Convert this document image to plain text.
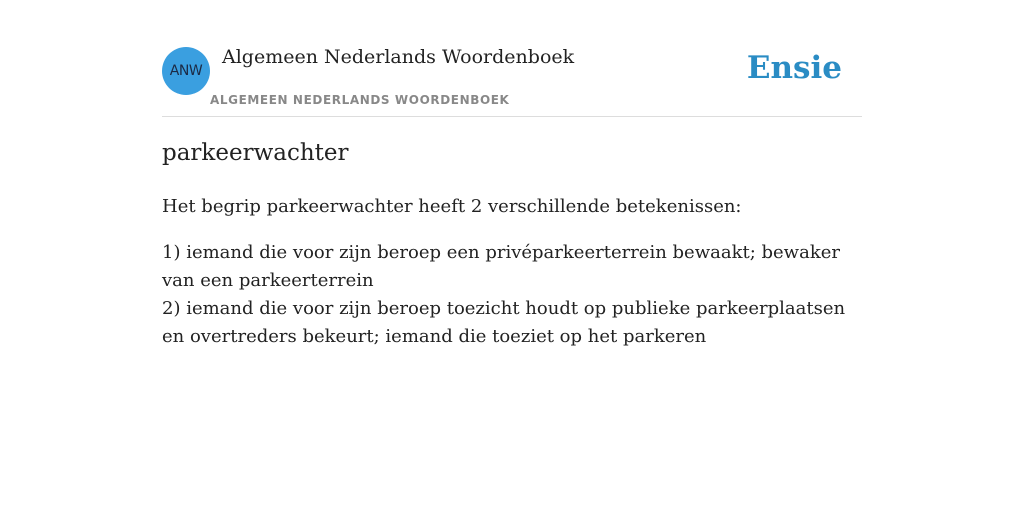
ANW
Algemeen Nederlands Woordenboek
ALGEMEEN NEDERLANDS WOORDENBOEK
Ensie
parkeerwachter

Het begrip parkeerwachter heeft 2 verschillende betekenissen:

1) iemand die voor zijn beroep een privéparkeerterrein bewaakt; bewaker van een parkeerterrein
2) iemand die voor zijn beroep toezicht houdt op publieke parkeerplaatsen en overtreders bekeurt; iemand die toeziet op het parkeren
